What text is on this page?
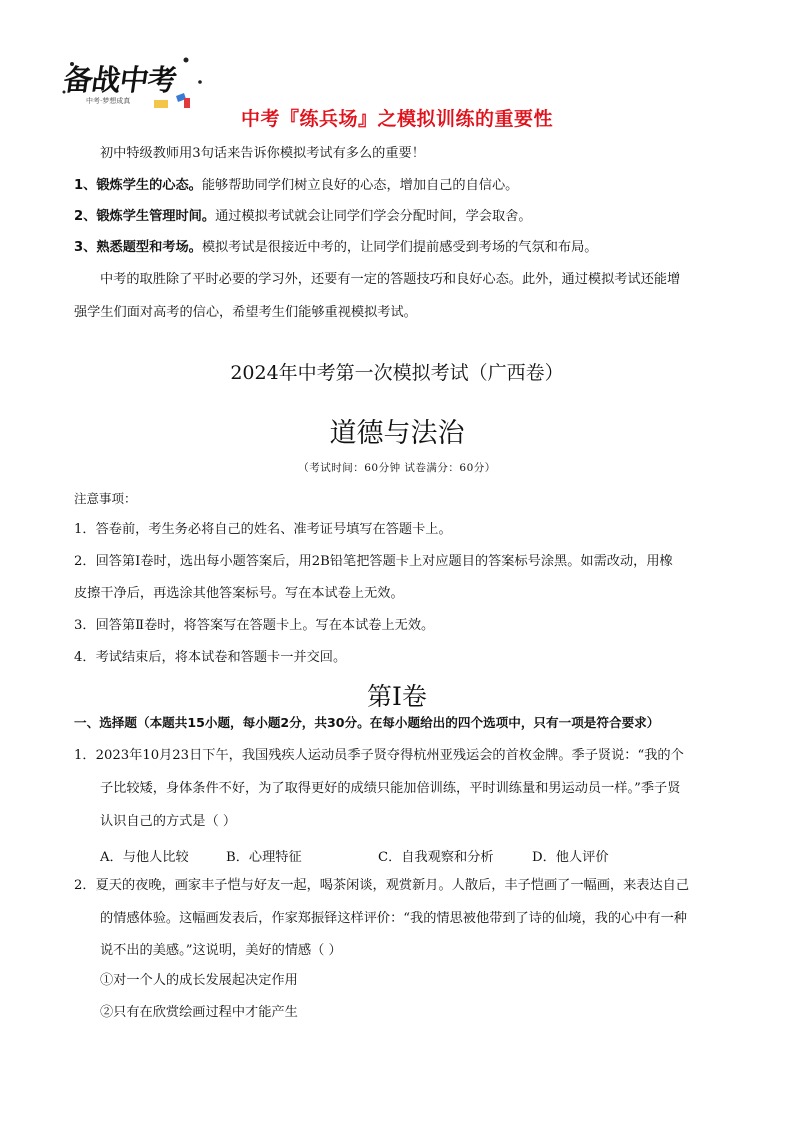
备战中考
中考·梦想成真
中考『练兵场』之模拟训练的重要性
初中特级教师用3句话来告诉你模拟考试有多么的重要！
1、锻炼学生的心态。能够帮助同学们树立良好的心态，增加自己的自信心。
2、锻炼学生管理时间。通过模拟考试就会让同学们学会分配时间，学会取舍。
3、熟悉题型和考场。模拟考试是很接近中考的，让同学们提前感受到考场的气氛和布局。
中考的取胜除了平时必要的学习外，还要有一定的答题技巧和良好心态。此外，通过模拟考试还能增
强学生们面对高考的信心，希望考生们能够重视模拟考试。
2024年中考第一次模拟考试（广西卷）
道德与法治
（考试时间：60分钟 试卷满分：60分）
注意事项：
1．答卷前，考生务必将自己的姓名、准考证号填写在答题卡上。
2．回答第Ⅰ卷时，选出每小题答案后，用2B铅笔把答题卡上对应题目的答案标号涂黑。如需改动，用橡
皮擦干净后，再选涂其他答案标号。写在本试卷上无效。
3．回答第Ⅱ卷时，将答案写在答题卡上。写在本试卷上无效。
4．考试结束后，将本试卷和答题卡一并交回。
第Ⅰ卷
一、选择题（本题共15小题，每小题2分，共30分。在每小题给出的四个选项中，只有一项是符合要求）
1．2023年10月23日下午，我国残疾人运动员季子贤夺得杭州亚残运会的首枚金牌。季子贤说：“我的个
子比较矮，身体条件不好，为了取得更好的成绩只能加倍训练，平时训练量和男运动员一样。”季子贤
认识自己的方式是（ ）
A．与他人比较	B．心理特征	C．自我观察和分析	D．他人评价
2．夏天的夜晚，画家丰子恺与好友一起，喝茶闲谈，观赏新月。人散后，丰子恺画了一幅画，来表达自己
的情感体验。这幅画发表后，作家郑振铎这样评价：“我的情思被他带到了诗的仙境，我的心中有一种
说不出的美感。”这说明，美好的情感（ ）
①对一个人的成长发展起决定作用
②只有在欣赏绘画过程中才能产生
